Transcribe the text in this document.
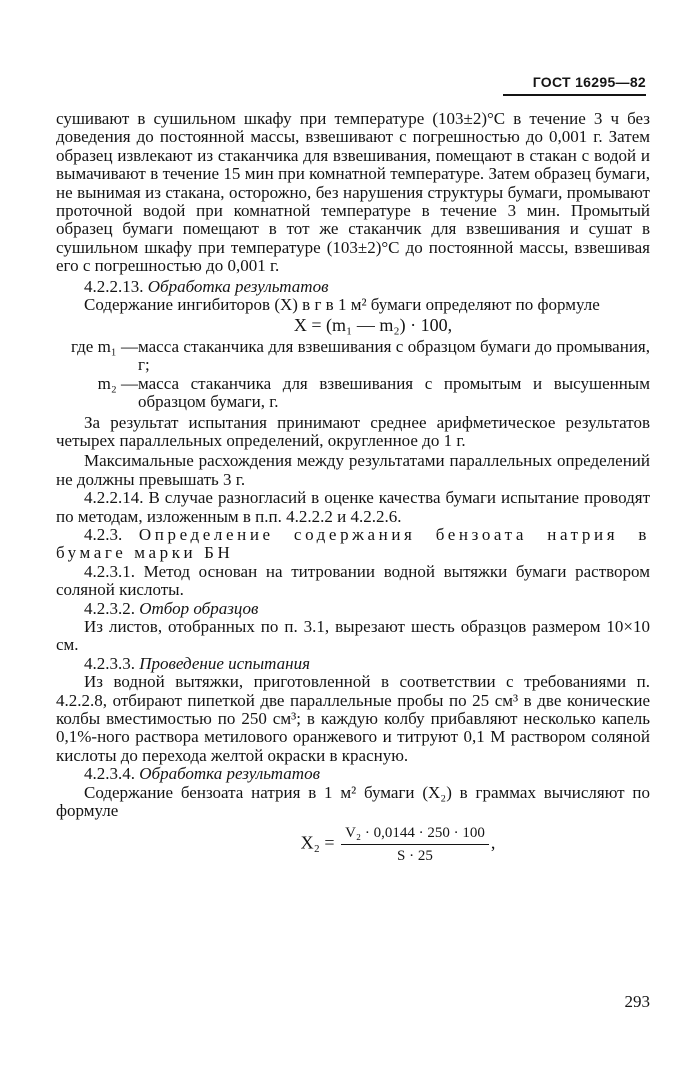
ГОСТ 16295—82

сушивают в сушильном шкафу при температуре (103±2)°С в течение 3 ч без доведения до постоянной массы, взвешивают с погрешностью до 0,001 г. Затем образец извлекают из стаканчика для взвешивания, помещают в стакан с водой и вымачивают в течение 15 мин при комнатной температуре. Затем образец бумаги, не вынимая из стакана, осторожно, без нарушения структуры бумаги, промывают проточной водой при комнатной температуре в течение 3 мин. Промытый образец бумаги помещают в тот же стаканчик для взвешивания и сушат в сушильном шкафу при температуре (103±2)°С до постоянной массы, взвешивая его с погрешностью до 0,001 г.

4.2.2.13. Обработка результатов

Содержание ингибиторов (X) в г в 1 м² бумаги определяют по формуле

X = (m₁ — m₂) · 100,
где m₁ — масса стаканчика для взвешивания с образцом бумаги до промывания, г;
m₂ — масса стаканчика для взвешивания с промытым и высушенным образцом бумаги, г.

За результат испытания принимают среднее арифметическое результатов четырех параллельных определений, округленное до 1 г.

Максимальные расхождения между результатами параллельных определений не должны превышать 3 г.

4.2.2.14. В случае разногласий в оценке качества бумаги испытание проводят по методам, изложенным в п.п. 4.2.2.2 и 4.2.2.6.

4.2.3. Определение содержания бензоата натрия в бумаге марки БН

4.2.3.1. Метод основан на титровании водной вытяжки бумаги раствором соляной кислоты.

4.2.3.2. Отбор образцов

Из листов, отобранных по п. 3.1, вырезают шесть образцов размером 10×10 см.

4.2.3.3. Проведение испытания

Из водной вытяжки, приготовленной в соответствии с требованиями п. 4.2.2.8, отбирают пипеткой две параллельные пробы по 25 см³ в две конические колбы вместимостью по 250 см³; в каждую колбу прибавляют несколько капель 0,1%-ного раствора метилового оранжевого и титруют 0,1 М раствором соляной кислоты до перехода желтой окраски в красную.

4.2.3.4. Обработка результатов

Содержание бензоата натрия в 1 м² бумаги (X₂) в граммах вычисляют по формуле

$X_2 = \frac{\text{V₂ · 0,0144 · 250 · 100}}{S \cdot 25}$ ,
293
